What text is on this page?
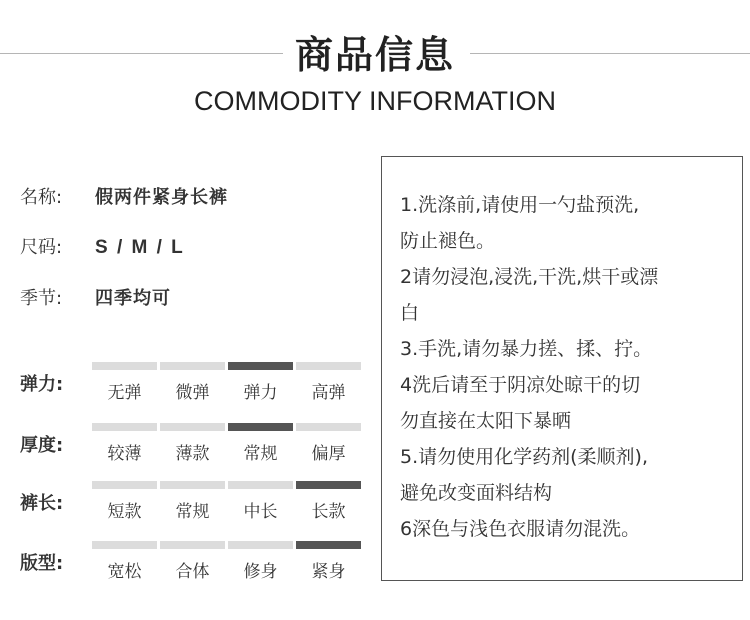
商品信息
COMMODITY INFORMATION
名称: 假两件紧身长裤
尺码: S / M / L
季节: 四季均可
弹力:	无弹	微弹	弹力	高弹
厚度:	较薄	薄款	常规	偏厚
裤长:	短款	常规	中长	长款
版型:	宽松	合体	修身	紧身
1.洗涤前,请使用一勺盐预洗,
防止褪色。
2请勿浸泡,浸洗,干洗,烘干或漂
白
3.手洗,请勿暴力搓、揉、拧。
4洗后请至于阴凉处晾干的切
勿直接在太阳下暴晒
5.请勿使用化学药剂(柔顺剂),
避免改变面料结构
6深色与浅色衣服请勿混洗。
